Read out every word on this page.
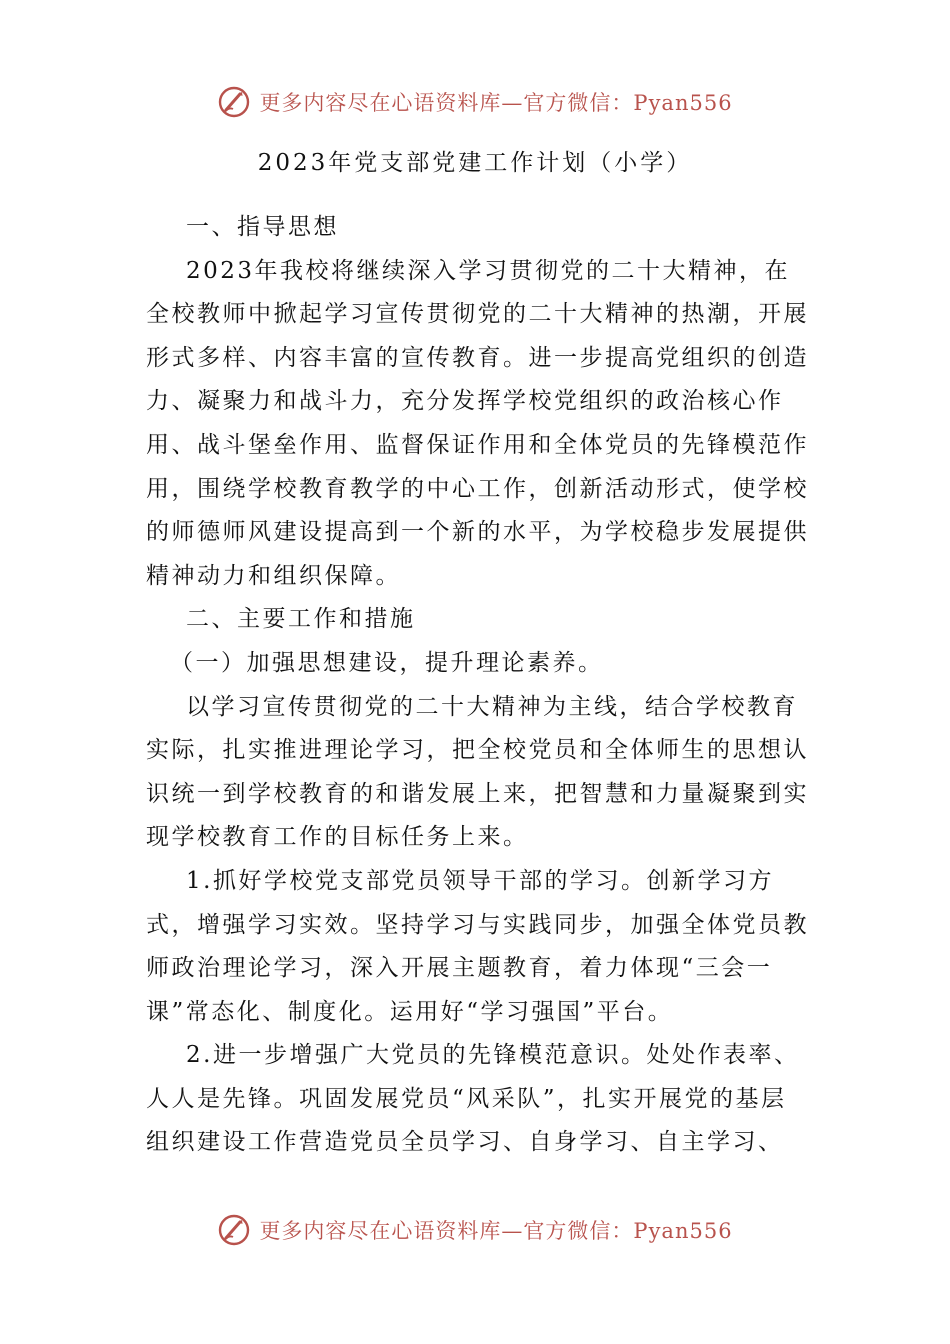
更多内容尽在心语资料库—官方微信：Pyan556
2023年党支部党建工作计划（小学）

一、指导思想

2023年我校将继续深入学习贯彻党的二十大精神，在全校教师中掀起学习宣传贯彻党的二十大精神的热潮，开展形式多样、内容丰富的宣传教育。进一步提高党组织的创造力、凝聚力和战斗力，充分发挥学校党组织的政治核心作用、战斗堡垒作用、监督保证作用和全体党员的先锋模范作用，围绕学校教育教学的中心工作，创新活动形式，使学校的师德师风建设提高到一个新的水平，为学校稳步发展提供精神动力和组织保障。

二、主要工作和措施

（一）加强思想建设，提升理论素养。

以学习宣传贯彻党的二十大精神为主线，结合学校教育实际，扎实推进理论学习，把全校党员和全体师生的思想认识统一到学校教育的和谐发展上来，把智慧和力量凝聚到实现学校教育工作的目标任务上来。

1.抓好学校党支部党员领导干部的学习。创新学习方式，增强学习实效。坚持学习与实践同步，加强全体党员教师政治理论学习，深入开展主题教育，着力体现“三会一课”常态化、制度化。运用好“学习强国”平台。

2.进一步增强广大党员的先锋模范意识。处处作表率、人人是先锋。巩固发展党员“风采队”，扎实开展党的基层组织建设工作营造党员全员学习、自身学习、自主学习、

更多内容尽在心语资料库—官方微信：Pyan556
